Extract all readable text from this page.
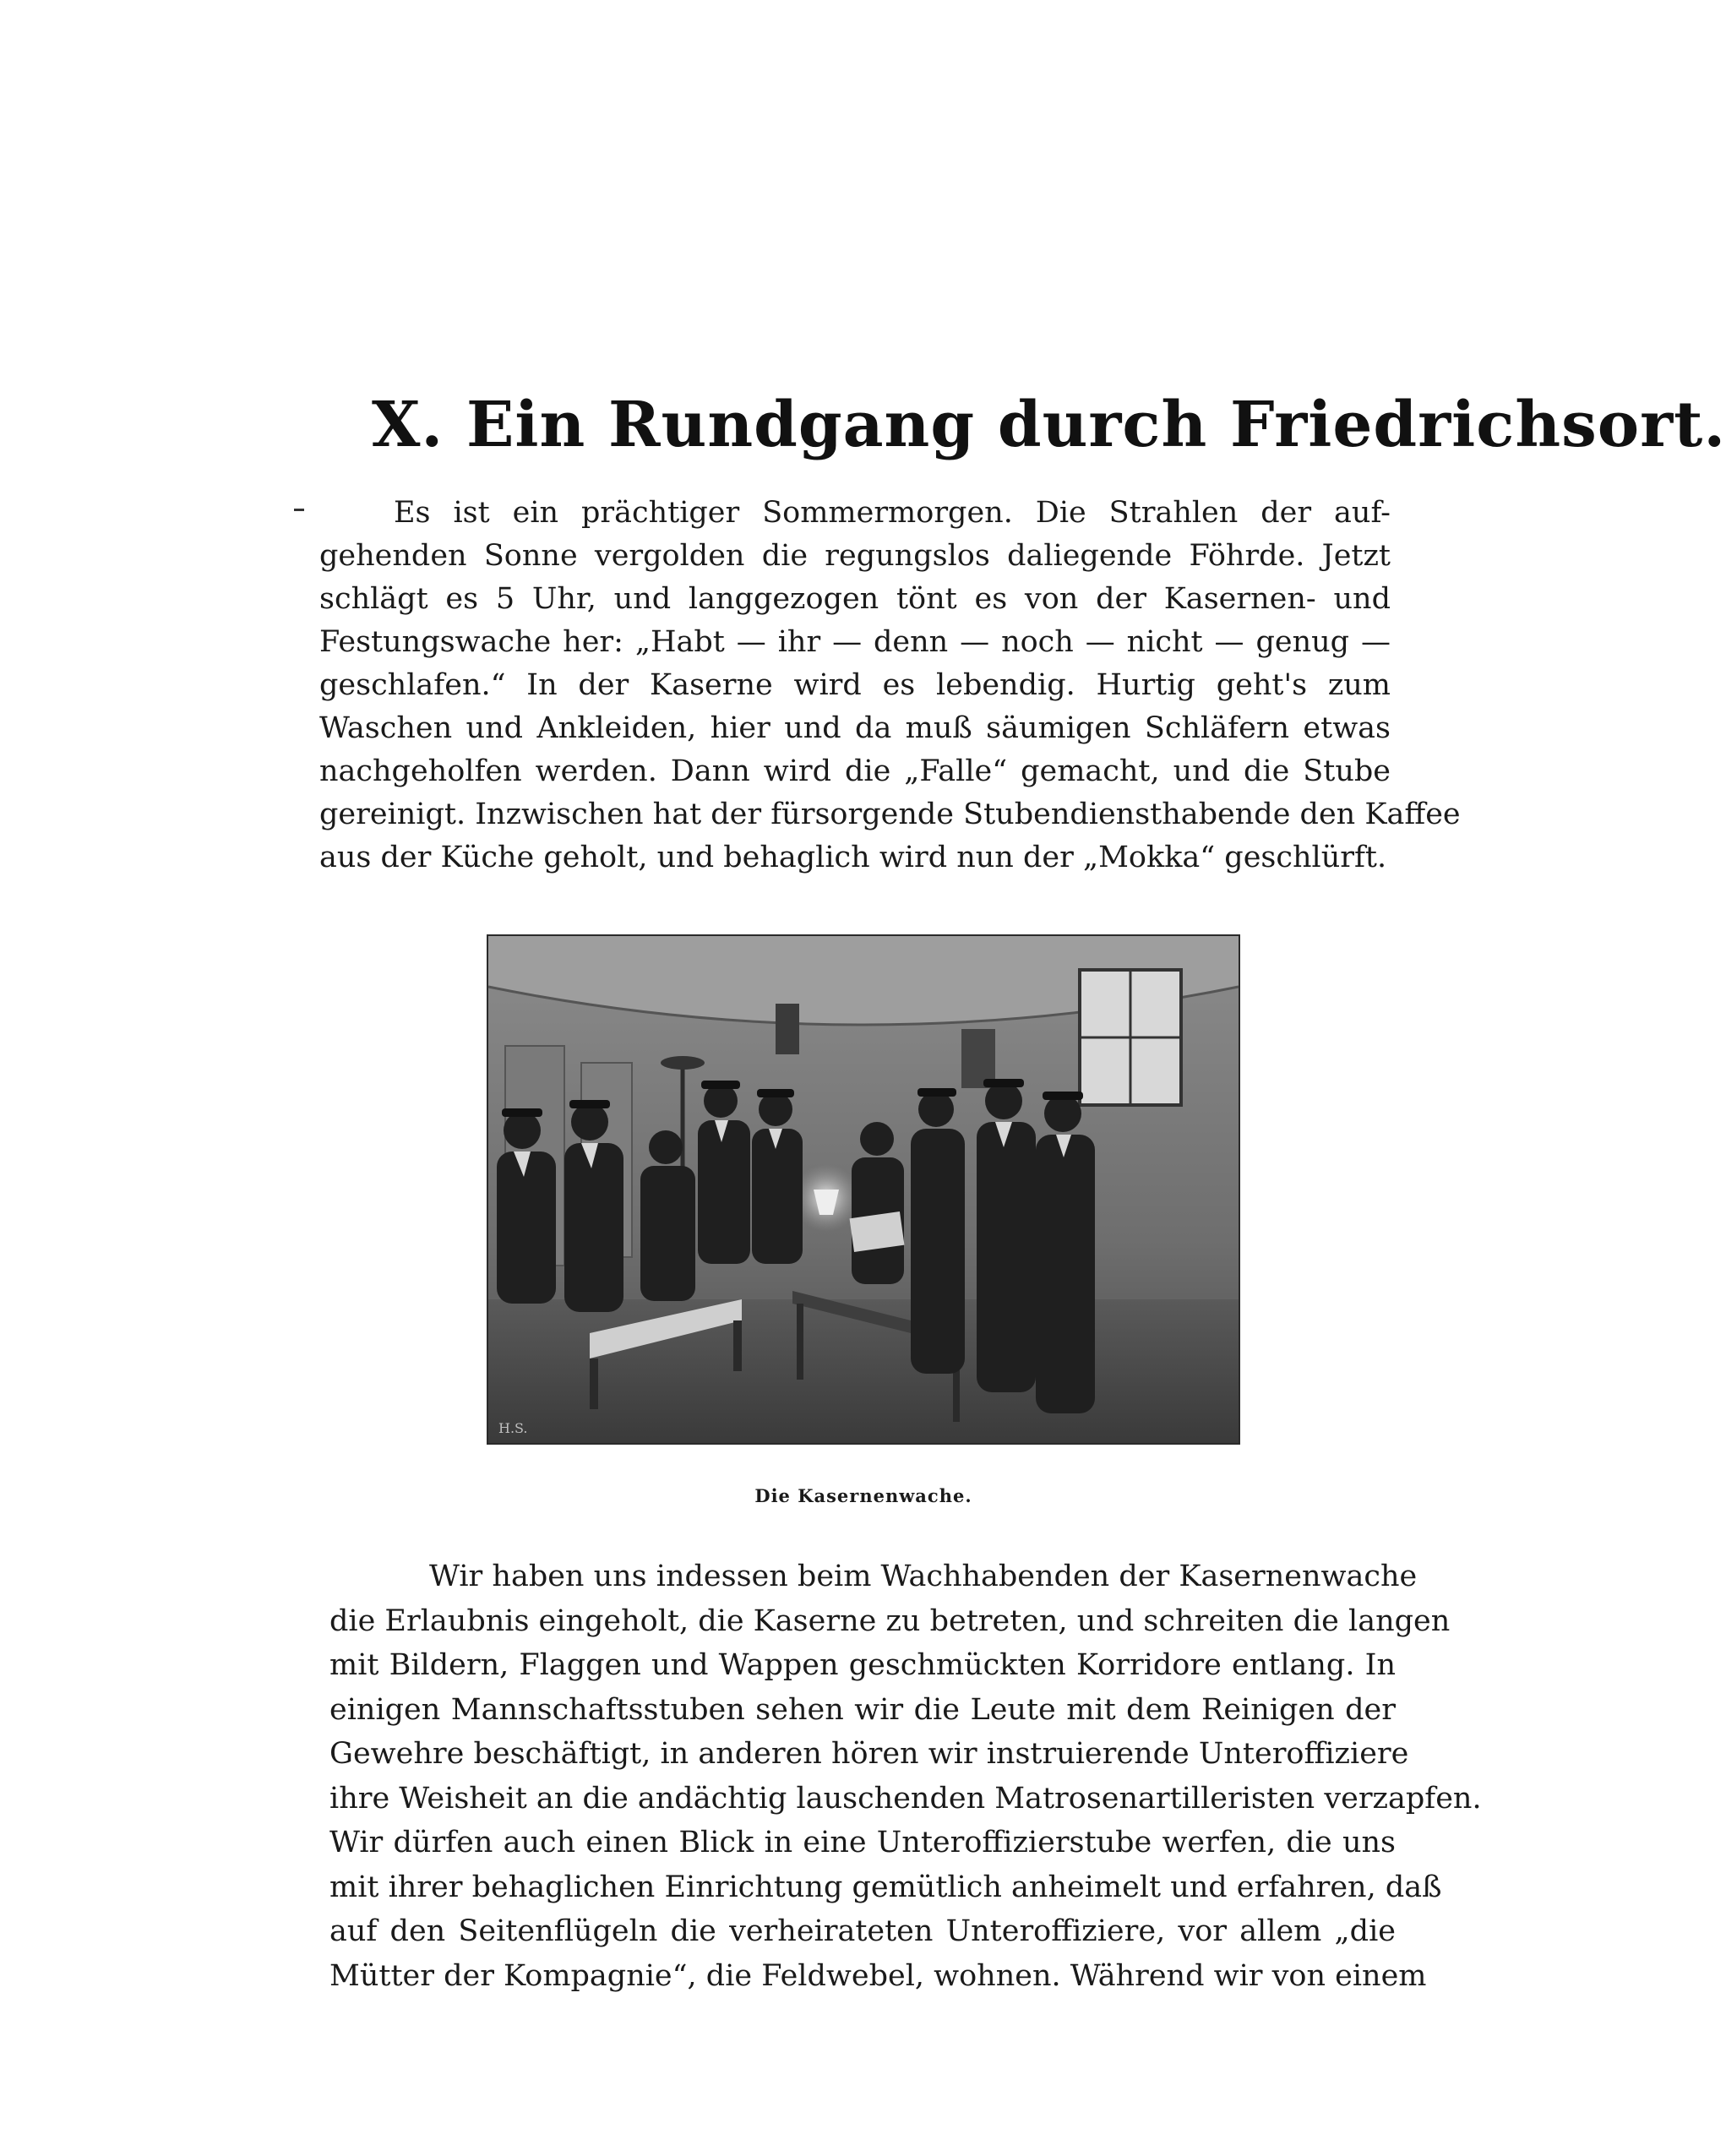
X. Ein Rundgang durch Friedrichsort.

Es ist ein prächtiger Sommermorgen. Die Strahlen der auf-
gehenden Sonne vergolden die regungslos daliegende Föhrde. Jetzt
schlägt es 5 Uhr, und langgezogen tönt es von der Kasernen- und
Festungswache her: „Habt — ihr — denn — noch — nicht — genug —
geschlafen.“ In der Kaserne wird es lebendig. Hurtig geht's zum
Waschen und Ankleiden, hier und da muß säumigen Schläfern etwas
nachgeholfen werden. Dann wird die „Falle“ gemacht, und die Stube
gereinigt. Inzwischen hat der fürsorgende Stubendiensthabende den Kaffee
aus der Küche geholt, und behaglich wird nun der „Mokka“ geschlürft.

H.S.

Die Kasernenwache.

Wir haben uns indessen beim Wachhabenden der Kasernenwache
die Erlaubnis eingeholt, die Kaserne zu betreten, und schreiten die langen
mit Bildern, Flaggen und Wappen geschmückten Korridore entlang. In
einigen Mannschaftsstuben sehen wir die Leute mit dem Reinigen der
Gewehre beschäftigt, in anderen hören wir instruierende Unteroffiziere
ihre Weisheit an die andächtig lauschenden Matrosenartilleristen verzapfen.
Wir dürfen auch einen Blick in eine Unteroffizierstube werfen, die uns
mit ihrer behaglichen Einrichtung gemütlich anheimelt und erfahren, daß
auf den Seitenflügeln die verheirateten Unteroffiziere, vor allem „die
Mütter der Kompagnie“, die Feldwebel, wohnen. Während wir von einem
